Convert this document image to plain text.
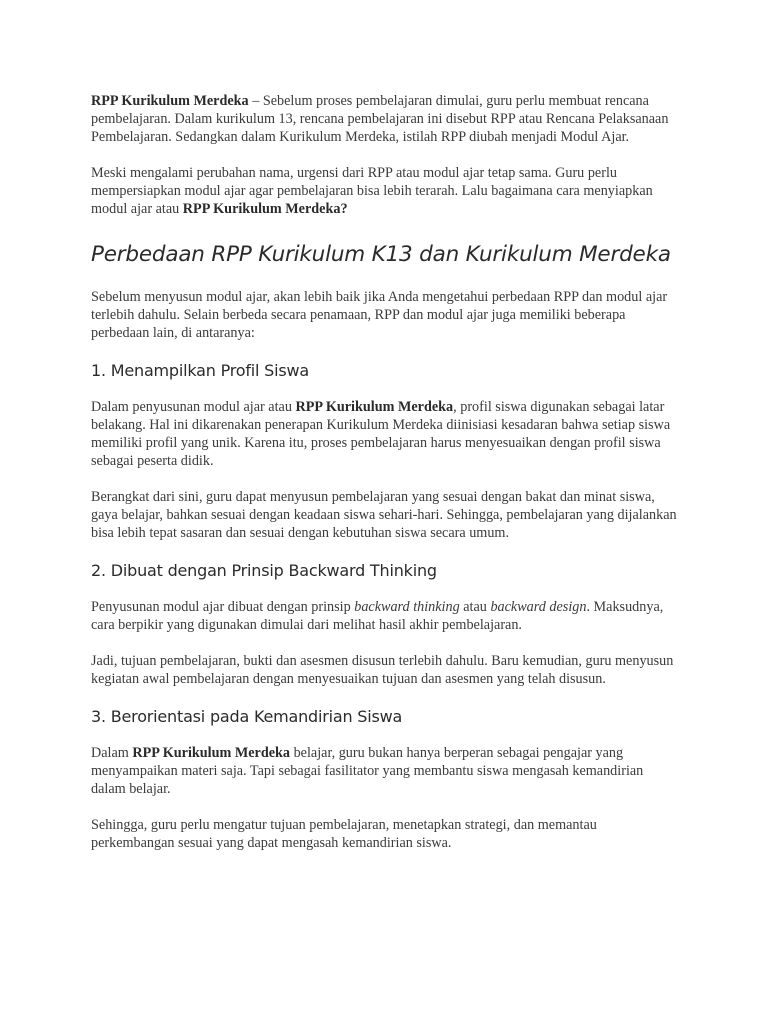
RPP Kurikulum Merdeka – Sebelum proses pembelajaran dimulai, guru perlu membuat rencana pembelajaran. Dalam kurikulum 13, rencana pembelajaran ini disebut RPP atau Rencana Pelaksanaan Pembelajaran. Sedangkan dalam Kurikulum Merdeka, istilah RPP diubah menjadi Modul Ajar.

Meski mengalami perubahan nama, urgensi dari RPP atau modul ajar tetap sama. Guru perlu mempersiapkan modul ajar agar pembelajaran bisa lebih terarah. Lalu bagaimana cara menyiapkan modul ajar atau RPP Kurikulum Merdeka?

Perbedaan RPP Kurikulum K13 dan Kurikulum Merdeka

Sebelum menyusun modul ajar, akan lebih baik jika Anda mengetahui perbedaan RPP dan modul ajar terlebih dahulu. Selain berbeda secara penamaan, RPP dan modul ajar juga memiliki beberapa perbedaan lain, di antaranya:

1. Menampilkan Profil Siswa

Dalam penyusunan modul ajar atau RPP Kurikulum Merdeka, profil siswa digunakan sebagai latar belakang. Hal ini dikarenakan penerapan Kurikulum Merdeka diinisiasi kesadaran bahwa setiap siswa memiliki profil yang unik. Karena itu, proses pembelajaran harus menyesuaikan dengan profil siswa sebagai peserta didik.

Berangkat dari sini, guru dapat menyusun pembelajaran yang sesuai dengan bakat dan minat siswa, gaya belajar, bahkan sesuai dengan keadaan siswa sehari-hari. Sehingga, pembelajaran yang dijalankan bisa lebih tepat sasaran dan sesuai dengan kebutuhan siswa secara umum.

2. Dibuat dengan Prinsip Backward Thinking

Penyusunan modul ajar dibuat dengan prinsip backward thinking atau backward design. Maksudnya, cara berpikir yang digunakan dimulai dari melihat hasil akhir pembelajaran.

Jadi, tujuan pembelajaran, bukti dan asesmen disusun terlebih dahulu. Baru kemudian, guru menyusun kegiatan awal pembelajaran dengan menyesuaikan tujuan dan asesmen yang telah disusun.

3. Berorientasi pada Kemandirian Siswa

Dalam RPP Kurikulum Merdeka belajar, guru bukan hanya berperan sebagai pengajar yang menyampaikan materi saja. Tapi sebagai fasilitator yang membantu siswa mengasah kemandirian dalam belajar.

Sehingga, guru perlu mengatur tujuan pembelajaran, menetapkan strategi, dan memantau perkembangan sesuai yang dapat mengasah kemandirian siswa.
